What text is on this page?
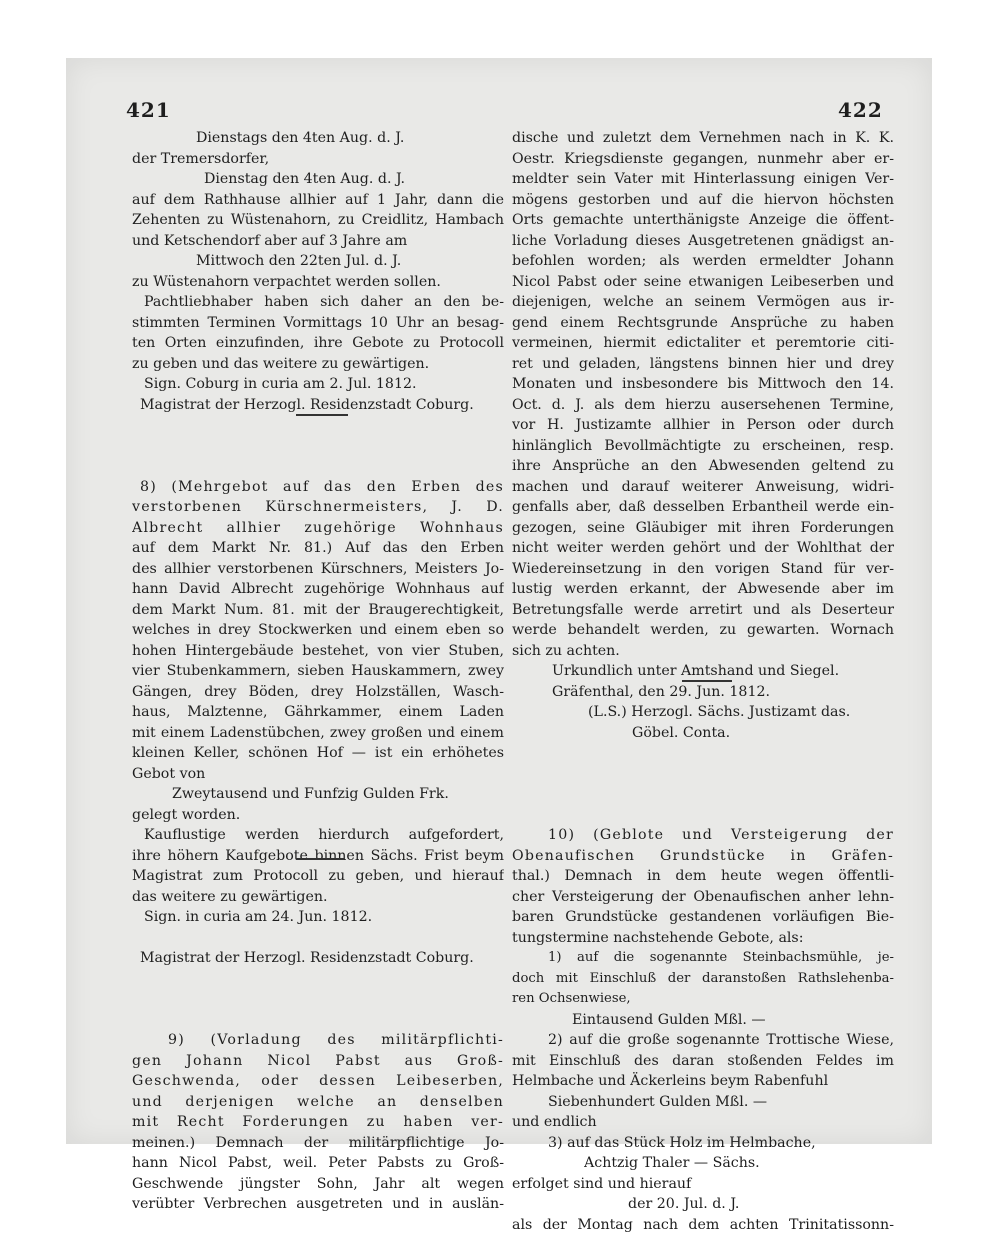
421	422
Dienstags den 4ten Aug. d. J.
der Tremersdorfer,
Dienstag den 4ten Aug. d. J.
auf dem Rathhause allhier auf 1 Jahr, dann die
Zehenten zu Wüstenahorn, zu Creidlitz, Hambach
und Ketschendorf aber auf 3 Jahre am
Mittwoch den 22ten Jul. d. J.
zu Wüstenahorn verpachtet werden sollen.
Pachtliebhaber haben sich daher an den be-
stimmten Terminen Vormittags 10 Uhr an besag-
ten Orten einzufinden, ihre Gebote zu Protocoll
zu geben und das weitere zu gewärtigen.
Sign. Coburg in curia am 2. Jul. 1812.
Magistrat der Herzogl. Residenzstadt Coburg.
8) (Mehrgebot auf das den Erben des
verstorbenen Kürschnermeisters, J. D.
Albrecht allhier zugehörige Wohnhaus
auf dem Markt Nr. 81.) Auf das den Erben
des allhier verstorbenen Kürschners, Meisters Jo-
hann David Albrecht zugehörige Wohnhaus auf
dem Markt Num. 81. mit der Braugerechtigkeit,
welches in drey Stockwerken und einem eben so
hohen Hintergebäude bestehet, von vier Stuben,
vier Stubenkammern, sieben Hauskammern, zwey
Gängen, drey Böden, drey Holzställen, Wasch-
haus, Malztenne, Gährkammer, einem Laden
mit einem Ladenstübchen, zwey großen und einem
kleinen Keller, schönen Hof — ist ein erhöhetes
Gebot von
Zweytausend und Funfzig Gulden Frk.
gelegt worden.
Kauflustige werden hierdurch aufgefordert,
ihre höhern Kaufgebote binnen Sächs. Frist beym
Magistrat zum Protocoll zu geben, und hierauf
das weitere zu gewärtigen.
Sign. in curia am 24. Jun. 1812.
Magistrat der Herzogl. Residenzstadt Coburg.
9) (Vorladung des militärpflichti-
gen Johann Nicol Pabst aus Groß-
Geschwenda, oder dessen Leibeserben,
und derjenigen welche an denselben
mit Recht Forderungen zu haben ver-
meinen.) Demnach der militärpflichtige Jo-
hann Nicol Pabst, weil. Peter Pabsts zu Groß-
Geschwende jüngster Sohn, Jahr alt wegen
verübter Verbrechen ausgetreten und in auslän-
dische und zuletzt dem Vernehmen nach in K. K.
Oestr. Kriegsdienste gegangen, nunmehr aber er-
meldter sein Vater mit Hinterlassung einigen Ver-
mögens gestorben und auf die hiervon höchsten
Orts gemachte unterthänigste Anzeige die öffent-
liche Vorladung dieses Ausgetretenen gnädigst an-
befohlen worden; als werden ermeldter Johann
Nicol Pabst oder seine etwanigen Leibeserben und
diejenigen, welche an seinem Vermögen aus ir-
gend einem Rechtsgrunde Ansprüche zu haben
vermeinen, hiermit edictaliter et peremtorie citi-
ret und geladen, längstens binnen hier und drey
Monaten und insbesondere bis Mittwoch den 14.
Oct. d. J. als dem hierzu ausersehenen Termine,
vor H. Justizamte allhier in Person oder durch
hinlänglich Bevollmächtigte zu erscheinen, resp.
ihre Ansprüche an den Abwesenden geltend zu
machen und darauf weiterer Anweisung, widri-
genfalls aber, daß desselben Erbantheil werde ein-
gezogen, seine Gläubiger mit ihren Forderungen
nicht weiter werden gehört und der Wohlthat der
Wiedereinsetzung in den vorigen Stand für ver-
lustig werden erkannt, der Abwesende aber im
Betretungsfalle werde arretirt und als Deserteur
werde behandelt werden, zu gewarten. Wornach
sich zu achten.
Urkundlich unter Amtshand und Siegel.
Gräfenthal, den 29. Jun. 1812.
(L.S.) Herzogl. Sächs. Justizamt das.
Göbel. Conta.
10) (Geblote und Versteigerung der
Obenaufischen Grundstücke in Gräfen-
thal.) Demnach in dem heute wegen öffentli-
cher Versteigerung der Obenaufischen anher lehn-
baren Grundstücke gestandenen vorläufigen Bie-
tungstermine nachstehende Gebote, als:
1) auf die sogenannte Steinbachsmühle, je-
doch mit Einschluß der daranstoßen Rathslehenba-
ren Ochsenwiese,
Eintausend Gulden Mßl. —
2) auf die große sogenannte Trottische Wiese,
mit Einschluß des daran stoßenden Feldes im
Helmbache und Äckerleins beym Rabenfuhl
Siebenhundert Gulden Mßl. —
und endlich
3) auf das Stück Holz im Helmbache,
Achtzig Thaler — Sächs.
erfolget sind und hierauf
der 20. Jul. d. J.
als der Montag nach dem achten Trinitatissonn-
